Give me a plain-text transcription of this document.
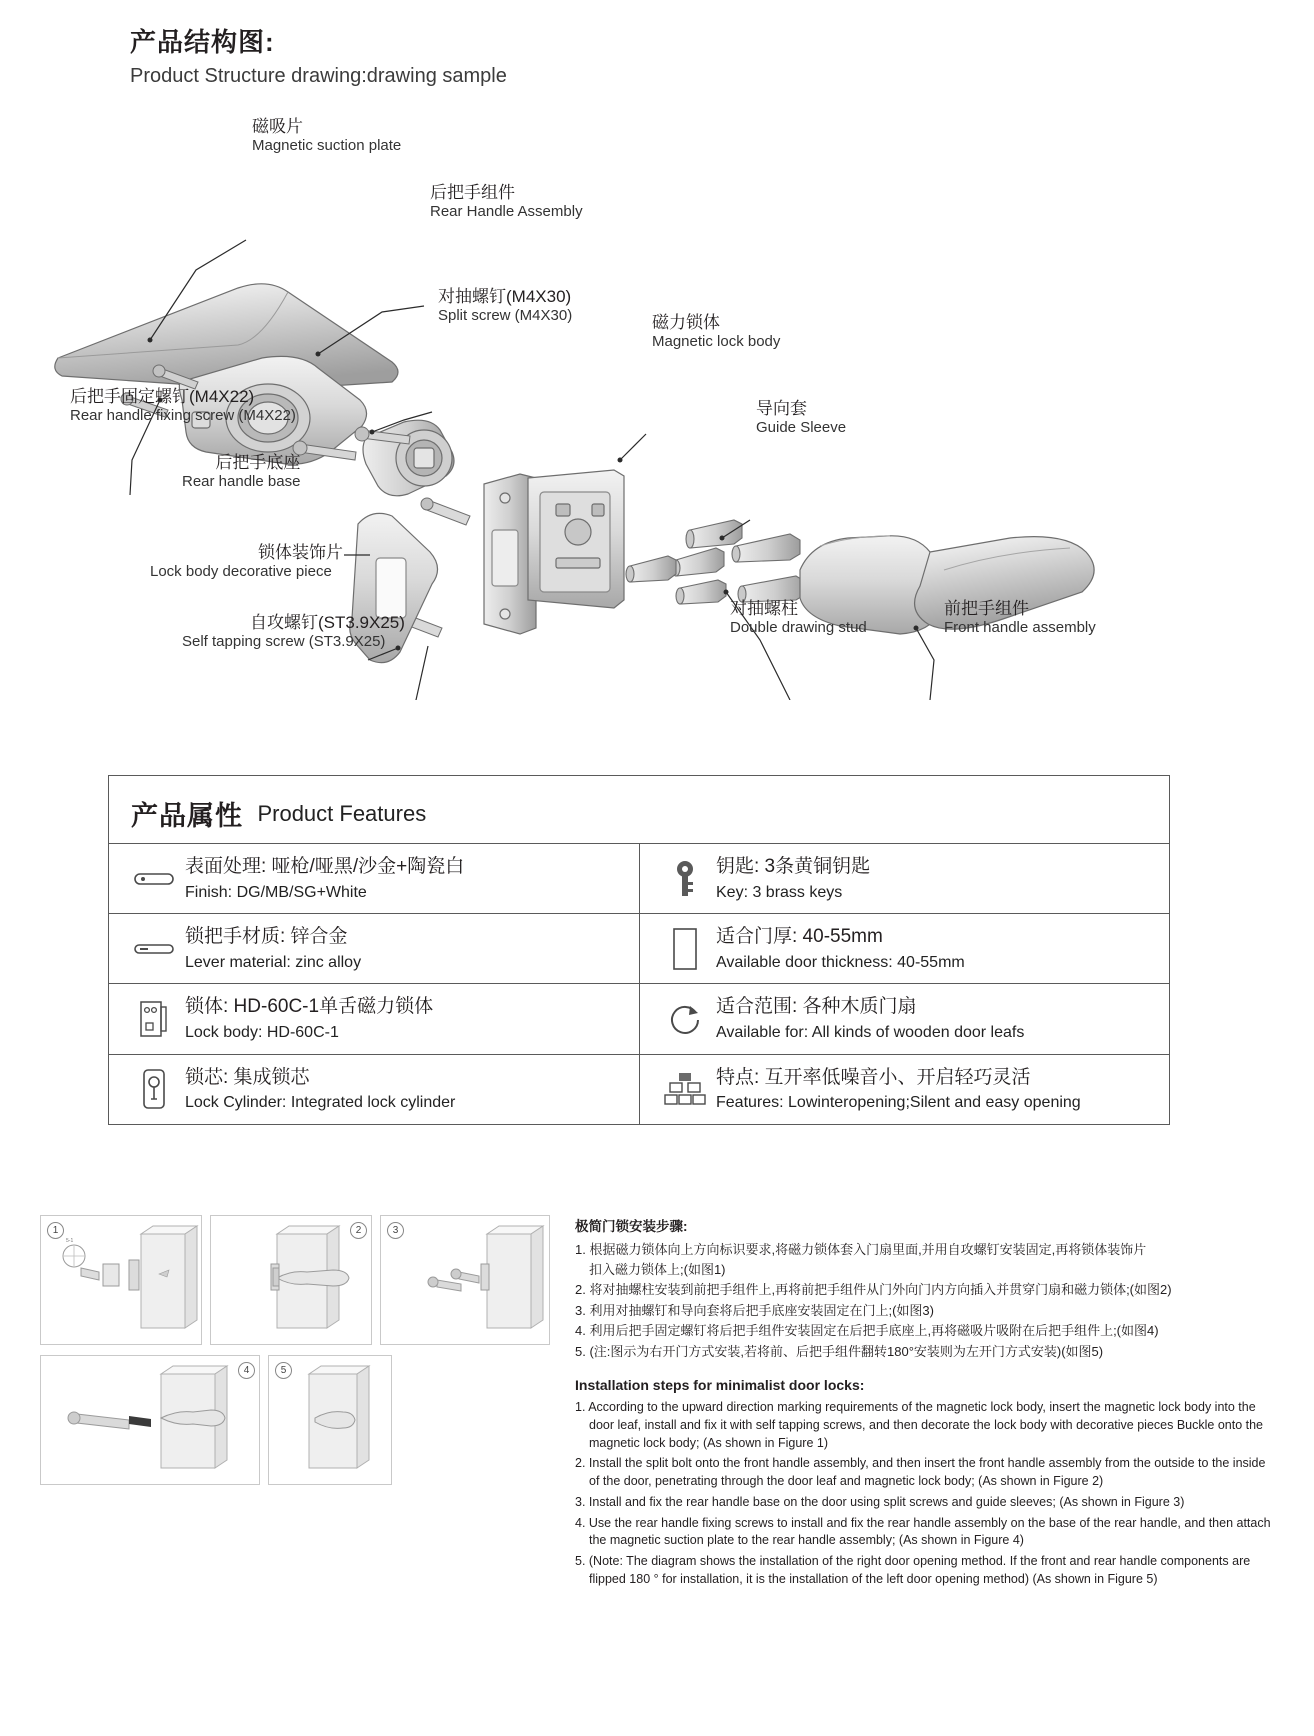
产品结构图:
Product Structure drawing:drawing sample
磁吸片
Magnetic suction plate
后把手组件
Rear Handle Assembly
对抽螺钉(M4X30)
Split screw (M4X30)	磁力锁体
Magnetic lock body
导向套
Guide Sleeve
后把手固定螺钉(M4X22)
Rear handle fixing screw (M4X22)
后把手底座
Rear handle base
锁体装饰片
Lock body decorative piece
自攻螺钉(ST3.9X25)
Self tapping screw (ST3.9X25)
对抽螺柱
Double drawing stud
前把手组件
Front handle assembly
产品属性 Product Features
表面处理: 哑枪/哑黑/沙金+陶瓷白
Finish: DG/MB/SG+White
钥匙: 3条黄铜钥匙
Key: 3 brass keys
锁把手材质: 锌合金
Lever material: zinc alloy
适合门厚: 40-55mm
Available door thickness: 40-55mm
锁体: HD-60C-1单舌磁力锁体
Lock body: HD-60C-1
适合范围: 各种木质门扇
Available for: All kinds of wooden door leafs
锁芯: 集成锁芯
Lock Cylinder: Integrated lock cylinder
特点: 互开率低噪音小、开启轻巧灵活
Features: Lowinteropening;Silent and easy opening
5-1
1	2	3
4	5
极简门锁安装步骤:
1. 根据磁力锁体向上方向标识要求,将磁力锁体套入门扇里面,并用自攻螺钉安装固定,再将锁体装饰片
扣入磁力锁体上;(如图1)
2. 将对抽螺柱安装到前把手组件上,再将前把手组件从门外向门内方向插入并贯穿门扇和磁力锁体;(如图2)
3. 利用对抽螺钉和导向套将后把手底座安装固定在门上;(如图3)
4. 利用后把手固定螺钉将后把手组件安装固定在后把手底座上,再将磁吸片吸附在后把手组件上;(如图4)
5. (注:图示为右开门方式安装,若将前、后把手组件翻转180°安装则为左开门方式安装)(如图5)
Installation steps for minimalist door locks:
1. According to the upward direction marking requirements of the magnetic lock body, insert the magnetic lock body into the door leaf, install and fix it with self tapping screws, and then decorate the lock body with decorative pieces Buckle onto the magnetic lock body; (As shown in Figure 1)
2. Install the split bolt onto the front handle assembly, and then insert the front handle assembly from the outside to the inside of the door, penetrating through the door leaf and magnetic lock body; (As shown in Figure 2)
3. Install and fix the rear handle base on the door using split screws and guide sleeves; (As shown in Figure 3)
4. Use the rear handle fixing screws to install and fix the rear handle assembly on the base of the rear handle, and then attach the magnetic suction plate to the rear handle assembly; (As shown in Figure 4)
5. (Note: The diagram shows the installation of the right door opening method. If the front and rear handle components are flipped 180 ° for installation, it is the installation of the left door opening method) (As shown in Figure 5)
